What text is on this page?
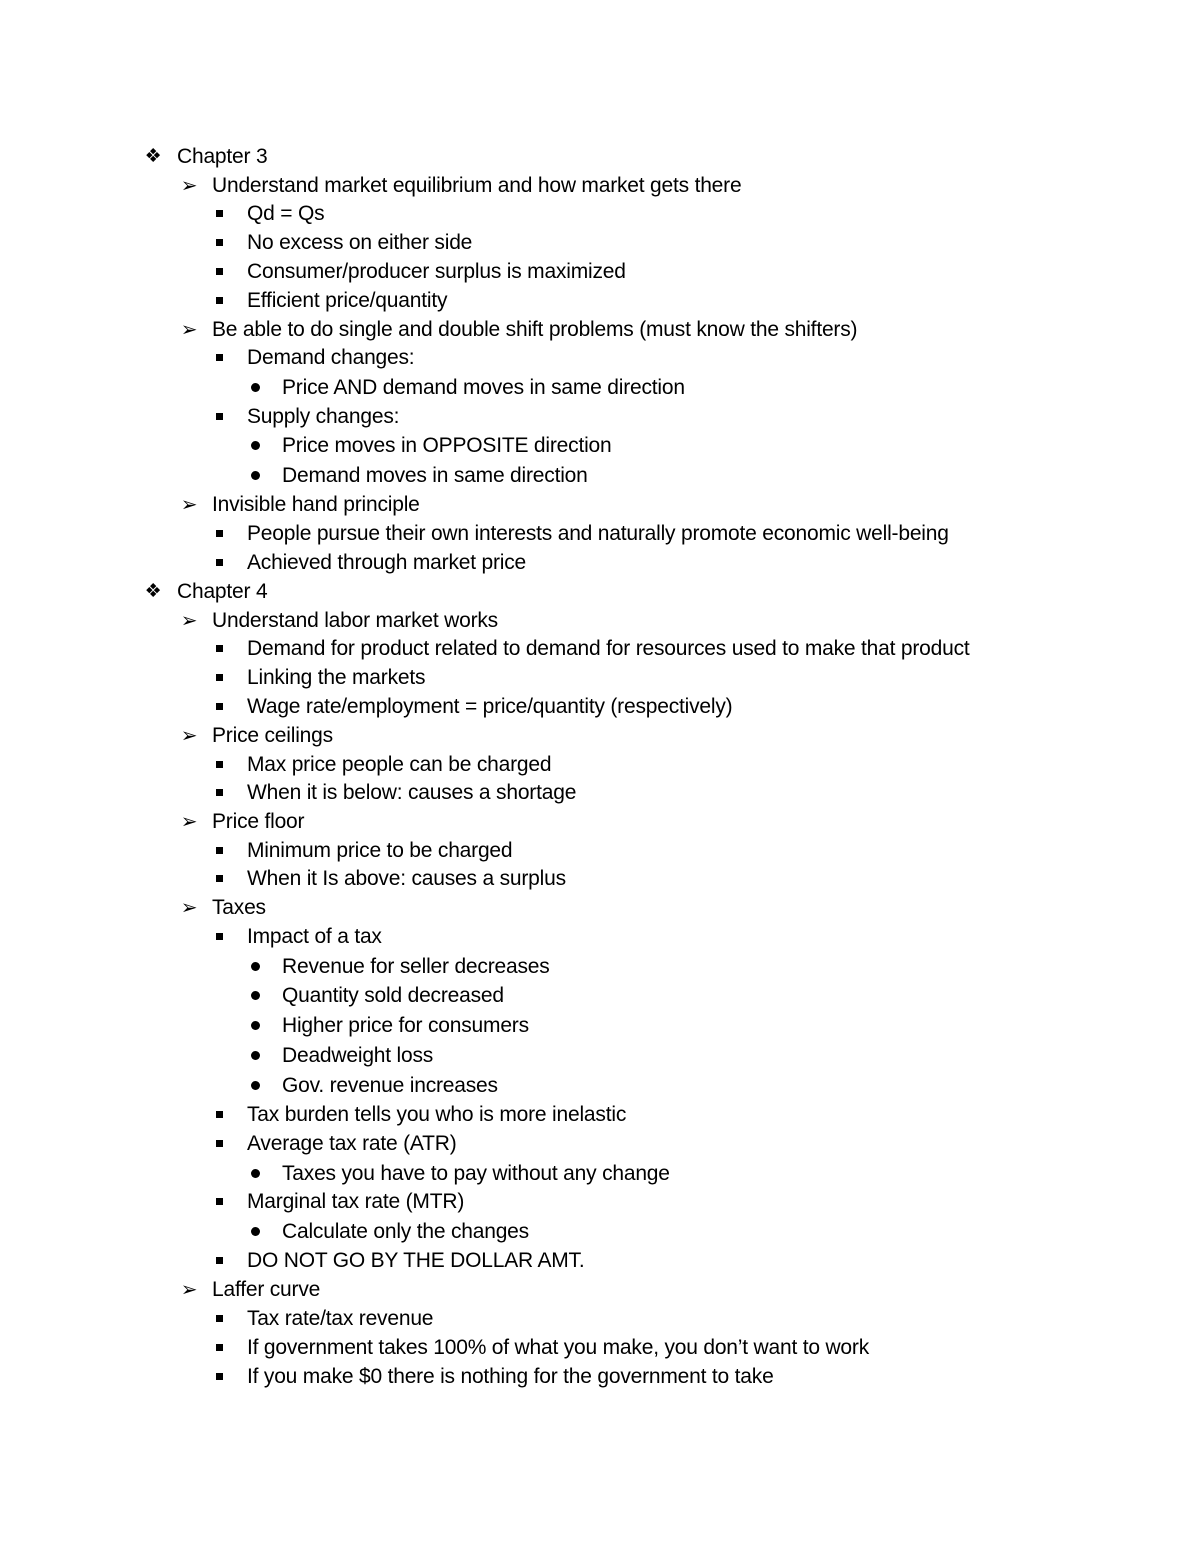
❖ Chapter 3
➢ Understand market equilibrium and how market gets there
Qd = Qs
No excess on either side
Consumer/producer surplus is maximized
Efficient price/quantity
➢ Be able to do single and double shift problems (must know the shifters)
Demand changes:
Price AND demand moves in same direction
Supply changes:
Price moves in OPPOSITE direction
Demand moves in same direction
➢ Invisible hand principle
People pursue their own interests and naturally promote economic well-being
Achieved through market price
❖ Chapter 4
➢ Understand labor market works
Demand for product related to demand for resources used to make that product
Linking the markets
Wage rate/employment = price/quantity (respectively)
➢ Price ceilings
Max price people can be charged
When it is below: causes a shortage
➢ Price floor
Minimum price to be charged
When it Is above: causes a surplus
➢ Taxes
Impact of a tax
Revenue for seller decreases
Quantity sold decreased
Higher price for consumers
Deadweight loss
Gov. revenue increases
Tax burden tells you who is more inelastic
Average tax rate (ATR)
Taxes you have to pay without any change
Marginal tax rate (MTR)
Calculate only the changes
DO NOT GO BY THE DOLLAR AMT.
➢ Laffer curve
Tax rate/tax revenue
If government takes 100% of what you make, you don’t want to work
If you make $0 there is nothing for the government to take
